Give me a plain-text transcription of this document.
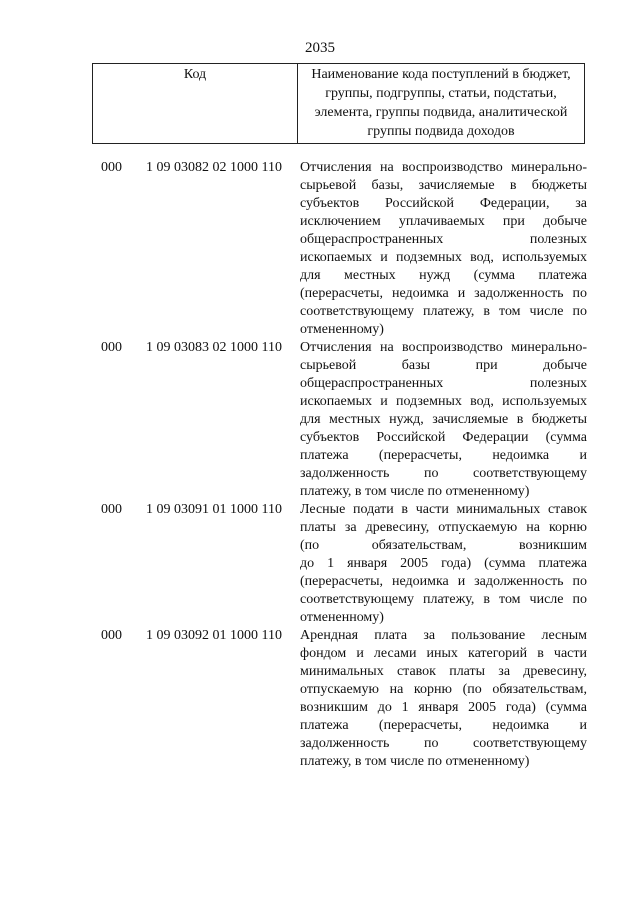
2035
Код	Наименование кода поступлений в бюджет,
группы, подгруппы, статьи, подстатьи,
элемента, группы подвида, аналитической
группы подвида доходов
000 1 09 03082 02 1000 110 Отчисления на воспроизводство минерально-
сырьевой базы, зачисляемые в бюджеты
субъектов Российской Федерации, за
исключением уплачиваемых при добыче
общераспространенных полезных
ископаемых и подземных вод, используемых
для местных нужд (сумма платежа
(перерасчеты, недоимка и задолженность по
соответствующему платежу, в том числе по
отмененному)
000 1 09 03083 02 1000 110 Отчисления на воспроизводство минерально-
сырьевой базы при добыче
общераспространенных полезных
ископаемых и подземных вод, используемых
для местных нужд, зачисляемые в бюджеты
субъектов Российской Федерации (сумма
платежа (перерасчеты, недоимка и
задолженность по соответствующему
платежу, в том числе по отмененному)
000 1 09 03091 01 1000 110 Лесные подати в части минимальных ставок
платы за древесину, отпускаемую на корню
(по обязательствам, возникшим
до 1 января 2005 года) (сумма платежа
(перерасчеты, недоимка и задолженность по
соответствующему платежу, в том числе по
отмененному)
000 1 09 03092 01 1000 110 Арендная плата за пользование лесным
фондом и лесами иных категорий в части
минимальных ставок платы за древесину,
отпускаемую на корню (по обязательствам,
возникшим до 1 января 2005 года) (сумма
платежа (перерасчеты, недоимка и
задолженность по соответствующему
платежу, в том числе по отмененному)
